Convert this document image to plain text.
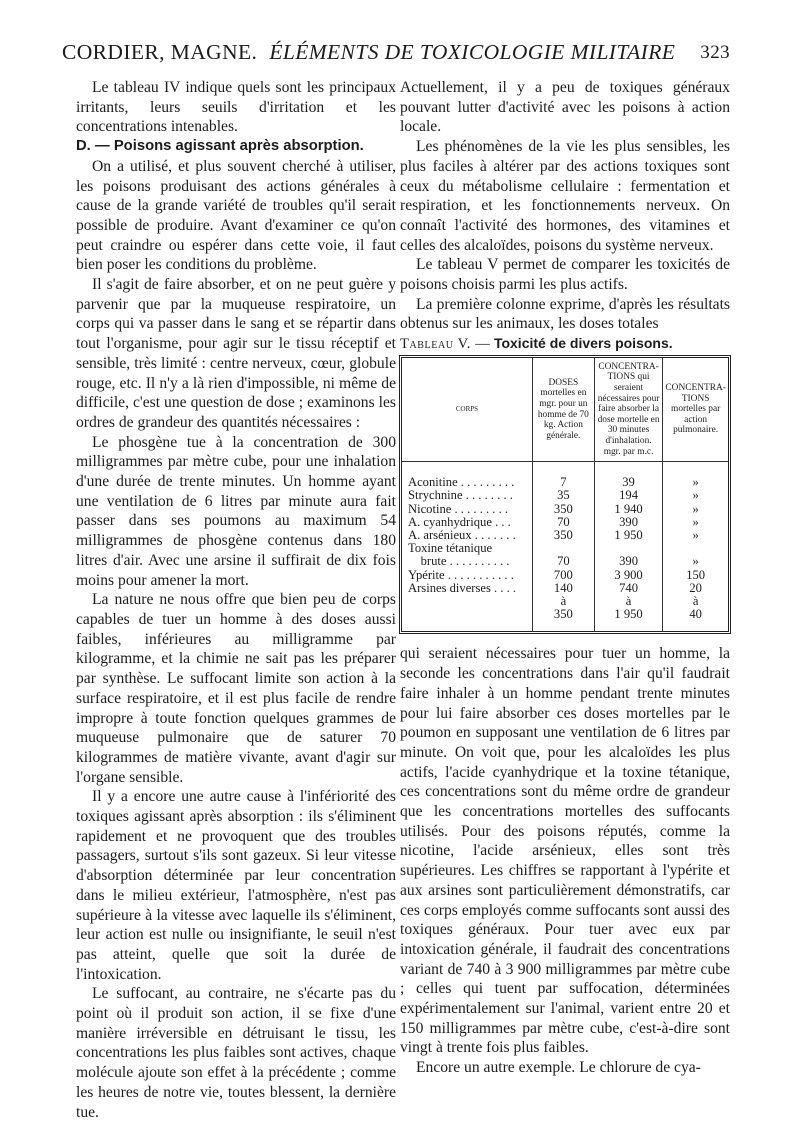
CORDIER, MAGNE. ÉLÉMENTS DE TOXICOLOGIE MILITAIRE 323

Le tableau IV indique quels sont les principaux irritants, leurs seuils d'irritation et les concentrations intenables.

D. — Poisons agissant après absorption.

On a utilisé, et plus souvent cherché à utiliser, les poisons produisant des actions générales à cause de la grande variété de troubles qu'il serait possible de produire. Avant d'examiner ce qu'on peut craindre ou espérer dans cette voie, il faut bien poser les conditions du problème.

Il s'agit de faire absorber, et on ne peut guère y parvenir que par la muqueuse respiratoire, un corps qui va passer dans le sang et se répartir dans tout l'organisme, pour agir sur le tissu réceptif et sensible, très limité : centre nerveux, cœur, globule rouge, etc. Il n'y a là rien d'impossible, ni même de difficile, c'est une question de dose ; examinons les ordres de grandeur des quantités nécessaires :

Le phosgène tue à la concentration de 300 milligrammes par mètre cube, pour une inhalation d'une durée de trente minutes. Un homme ayant une ventilation de 6 litres par minute aura fait passer dans ses poumons au maximum 54 milligrammes de phosgène contenus dans 180 litres d'air. Avec une arsine il suffirait de dix fois moins pour amener la mort.

La nature ne nous offre que bien peu de corps capables de tuer un homme à des doses aussi faibles, inférieures au milligramme par kilogramme, et la chimie ne sait pas les préparer par synthèse. Le suffocant limite son action à la surface respiratoire, et il est plus facile de rendre impropre à toute fonction quelques grammes de muqueuse pulmonaire que de saturer 70 kilogrammes de matière vivante, avant d'agir sur l'organe sensible.

Il y a encore une autre cause à l'infériorité des toxiques agissant après absorption : ils s'éliminent rapidement et ne provoquent que des troubles passagers, surtout s'ils sont gazeux. Si leur vitesse d'absorption déterminée par leur concentration dans le milieu extérieur, l'atmosphère, n'est pas supérieure à la vitesse avec laquelle ils s'éliminent, leur action est nulle ou insignifiante, le seuil n'est pas atteint, quelle que soit la durée de l'intoxication.

Le suffocant, au contraire, ne s'écarte pas du point où il produit son action, il se fixe d'une manière irréversible en détruisant le tissu, les concentrations les plus faibles sont actives, chaque molécule ajoute son effet à la précédente ; comme les heures de notre vie, toutes blessent, la dernière tue.

Actuellement, il y a peu de toxiques généraux pouvant lutter d'activité avec les poisons à action locale.

Les phénomènes de la vie les plus sensibles, les plus faciles à altérer par des actions toxiques sont ceux du métabolisme cellulaire : fermentation et respiration, et les fonctionnements nerveux. On connaît l'activité des hormones, des vitamines et celles des alcaloïdes, poisons du système nerveux.

Le tableau V permet de comparer les toxicités de poisons choisis parmi les plus actifs.

La première colonne exprime, d'après les résultats obtenus sur les animaux, les doses totales

Tableau V. — Toxicité de divers poisons.

corps	DOSES mortelles en mgr. pour un homme de 70 kg. Action générale.	CONCENTRA-TIONS qui seraient nécessaires pour faire absorber la dose mortelle en 30 minutes d'inhalation. mgr. par m.c.	CONCENTRA-TIONS mortelles par action pulmonaire.
Aconitine . . . . . . . . .	7	39	»
Strychnine . . . . . . . .	35	194	»
Nicotine . . . . . . . . .	350	1 940	»
A. cyanhydrique . . .	70	390	»
A. arsénieux . . . . . . .	350	1 950	»
Toxine tétanique			
brute . . . . . . . . . .	70	390	»
Ypérite . . . . . . . . . . .	700	3 900	150
Arsines diverses . . . .	140	740	20
	à	à	à
	350	1 950	40

qui seraient nécessaires pour tuer un homme, la seconde les concentrations dans l'air qu'il faudrait faire inhaler à un homme pendant trente minutes pour lui faire absorber ces doses mortelles par le poumon en supposant une ventilation de 6 litres par minute. On voit que, pour les alcaloïdes les plus actifs, l'acide cyanhydrique et la toxine tétanique, ces concentrations sont du même ordre de grandeur que les concentrations mortelles des suffocants utilisés. Pour des poisons réputés, comme la nicotine, l'acide arsénieux, elles sont très supérieures. Les chiffres se rapportant à l'ypérite et aux arsines sont particulièrement démonstratifs, car ces corps employés comme suffocants sont aussi des toxiques généraux. Pour tuer avec eux par intoxication générale, il faudrait des concentrations variant de 740 à 3 900 milligrammes par mètre cube ; celles qui tuent par suffocation, déterminées expérimentalement sur l'animal, varient entre 20 et 150 milligrammes par mètre cube, c'est-à-dire sont vingt à trente fois plus faibles.

Encore un autre exemple. Le chlorure de cya-
